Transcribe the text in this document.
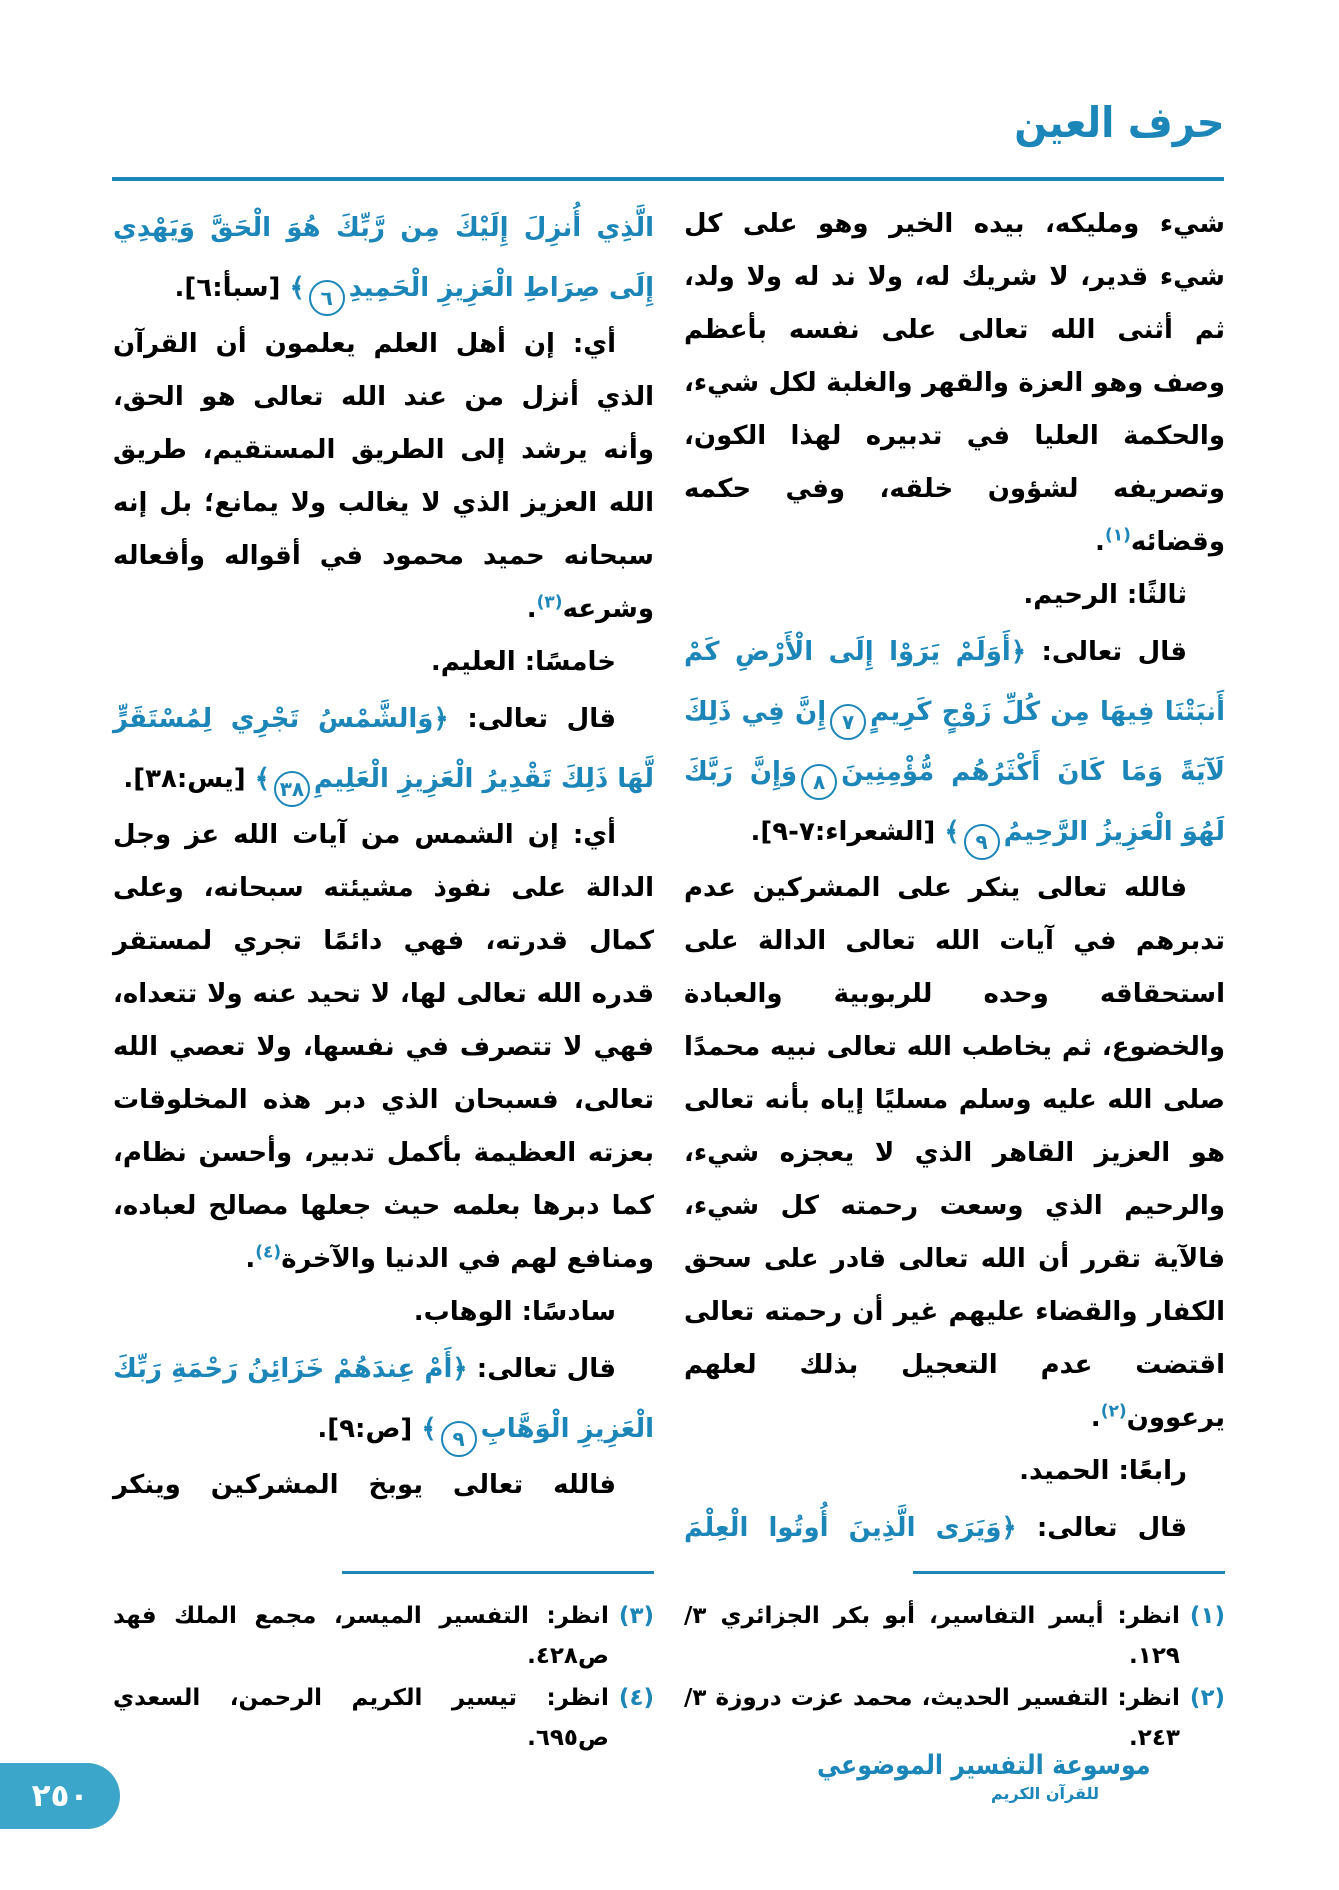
حرف العين

شيء ومليكه، بيده الخير وهو على كل شيء قدير، لا شريك له، ولا ند له ولا ولد، ثم أثنى الله تعالى على نفسه بأعظم وصف وهو العزة والقهر والغلبة لكل شيء، والحكمة العليا في تدبيره لهذا الكون، وتصريفه لشؤون خلقه، وفي حكمه وقضائه$^{(١)}$.

ثالثًا: الرحيم.

قال تعالى: ﴿أَوَلَمْ يَرَوْا إِلَى الْأَرْضِ كَمْ أَنبَتْنَا فِيهَا مِن كُلِّ زَوْجٍ كَرِيمٍ٧إِنَّ فِي ذَلِكَ لَآيَةً وَمَا كَانَ أَكْثَرُهُم مُّؤْمِنِينَ٨وَإِنَّ رَبَّكَ لَهُوَ الْعَزِيزُ الرَّحِيمُ٩﴾ [الشعراء:٧-٩].

فالله تعالى ينكر على المشركين عدم تدبرهم في آيات الله تعالى الدالة على استحقاقه وحده للربوبية والعبادة والخضوع، ثم يخاطب الله تعالى نبيه محمدًا صلى الله عليه وسلم مسليًا إياه بأنه تعالى هو العزيز القاهر الذي لا يعجزه شيء، والرحيم الذي وسعت رحمته كل شيء، فالآية تقرر أن الله تعالى قادر على سحق الكفار والقضاء عليهم غير أن رحمته تعالى اقتضت عدم التعجيل بذلك لعلهم يرعوون$^{(٢)}$.

رابعًا: الحميد.

قال تعالى: ﴿وَيَرَى الَّذِينَ أُوتُوا الْعِلْمَ

(١)
انظر: أيسر التفاسير، أبو بكر الجزائري ٣/ ١٢٩.
(٢)
انظر: التفسير الحديث، محمد عزت دروزة ٣/ ٢٤٣.

الَّذِي أُنزِلَ إِلَيْكَ مِن رَّبِّكَ هُوَ الْحَقَّ وَيَهْدِي إِلَى صِرَاطِ الْعَزِيزِ الْحَمِيدِ٦﴾ [سبأ:٦].

أي: إن أهل العلم يعلمون أن القرآن الذي أنزل من عند الله تعالى هو الحق، وأنه يرشد إلى الطريق المستقيم، طريق الله العزيز الذي لا يغالب ولا يمانع؛ بل إنه سبحانه حميد محمود في أقواله وأفعاله وشرعه$^{(٣)}$.

خامسًا: العليم.

قال تعالى: ﴿وَالشَّمْسُ تَجْرِي لِمُسْتَقَرٍّ لَّهَا ذَلِكَ تَقْدِيرُ الْعَزِيزِ الْعَلِيمِ٣٨﴾ [يس:٣٨].

أي: إن الشمس من آيات الله عز وجل الدالة على نفوذ مشيئته سبحانه، وعلى كمال قدرته، فهي دائمًا تجري لمستقر قدره الله تعالى لها، لا تحيد عنه ولا تتعداه، فهي لا تتصرف في نفسها، ولا تعصي الله تعالى، فسبحان الذي دبر هذه المخلوقات بعزته العظيمة بأكمل تدبير، وأحسن نظام، كما دبرها بعلمه حيث جعلها مصالح لعباده، ومنافع لهم في الدنيا والآخرة$^{(٤)}$.

سادسًا: الوهاب.

قال تعالى: ﴿أَمْ عِندَهُمْ خَزَائِنُ رَحْمَةِ رَبِّكَ الْعَزِيزِ الْوَهَّابِ٩﴾ [ص:٩].

فالله تعالى يوبخ المشركين وينكر

(٣)
انظر: التفسير الميسر، مجمع الملك فهد ص٤٢٨.
(٤)
انظر: تيسير الكريم الرحمن، السعدي ص٦٩٥.
موسوعة التفسير الموضوعي
للقرآن الكريم
٢٥٠
